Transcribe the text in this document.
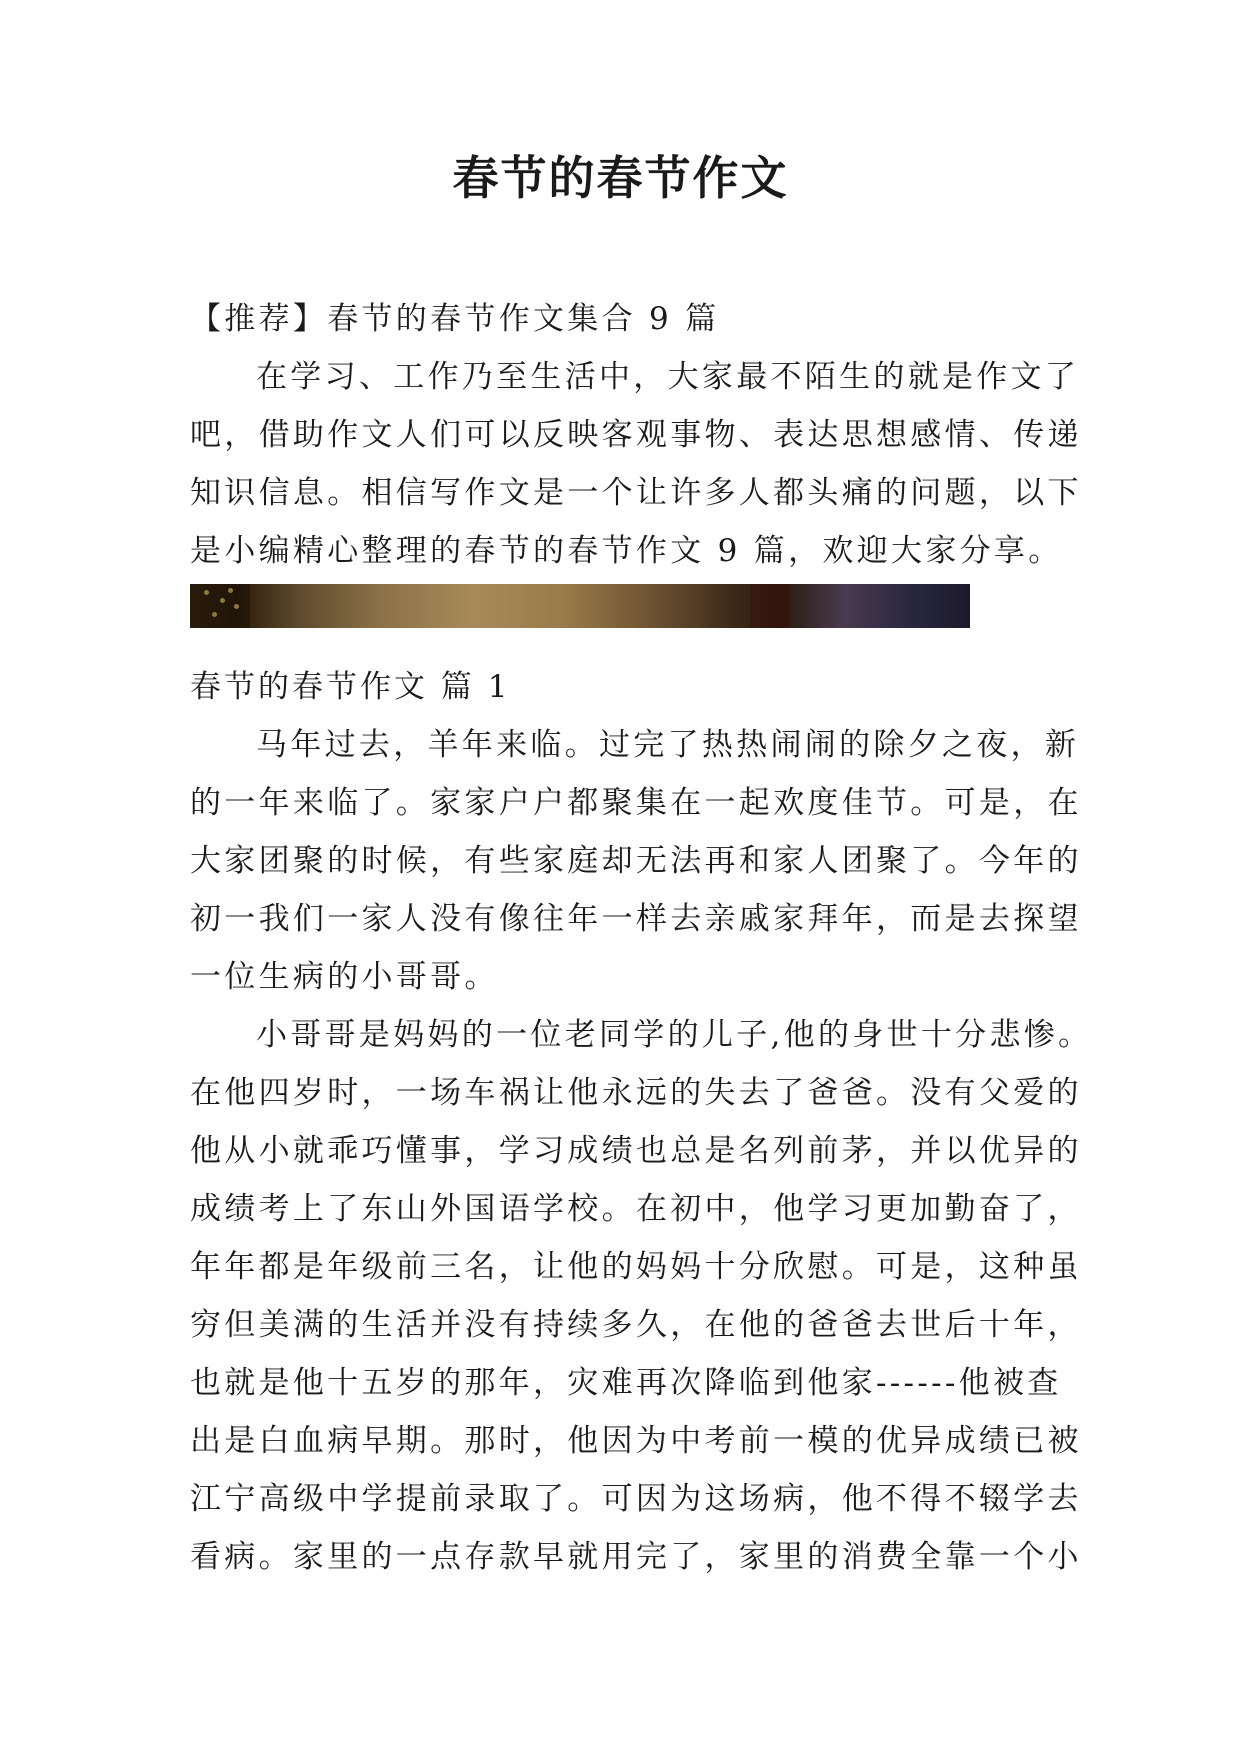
春节的春节作文
【推荐】春节的春节作文集合 9 篇
在学习、工作乃至生活中，大家最不陌生的就是作文了
吧，借助作文人们可以反映客观事物、表达思想感情、传递
知识信息。相信写作文是一个让许多人都头痛的问题，以下
是小编精心整理的春节的春节作文 9 篇，欢迎大家分享。
春节的春节作文 篇 1
马年过去，羊年来临。过完了热热闹闹的除夕之夜，新
的一年来临了。家家户户都聚集在一起欢度佳节。可是，在
大家团聚的时候，有些家庭却无法再和家人团聚了。今年的
初一我们一家人没有像往年一样去亲戚家拜年，而是去探望
一位生病的小哥哥。
小哥哥是妈妈的一位老同学的儿子,他的身世十分悲惨。
在他四岁时，一场车祸让他永远的失去了爸爸。没有父爱的
他从小就乖巧懂事，学习成绩也总是名列前茅，并以优异的
成绩考上了东山外国语学校。在初中，他学习更加勤奋了，
年年都是年级前三名，让他的妈妈十分欣慰。可是，这种虽
穷但美满的生活并没有持续多久，在他的爸爸去世后十年，
也就是他十五岁的那年，灾难再次降临到他家------他被查
出是白血病早期。那时，他因为中考前一模的优异成绩已被
江宁高级中学提前录取了。可因为这场病，他不得不辍学去
看病。家里的一点存款早就用完了，家里的消费全靠一个小
